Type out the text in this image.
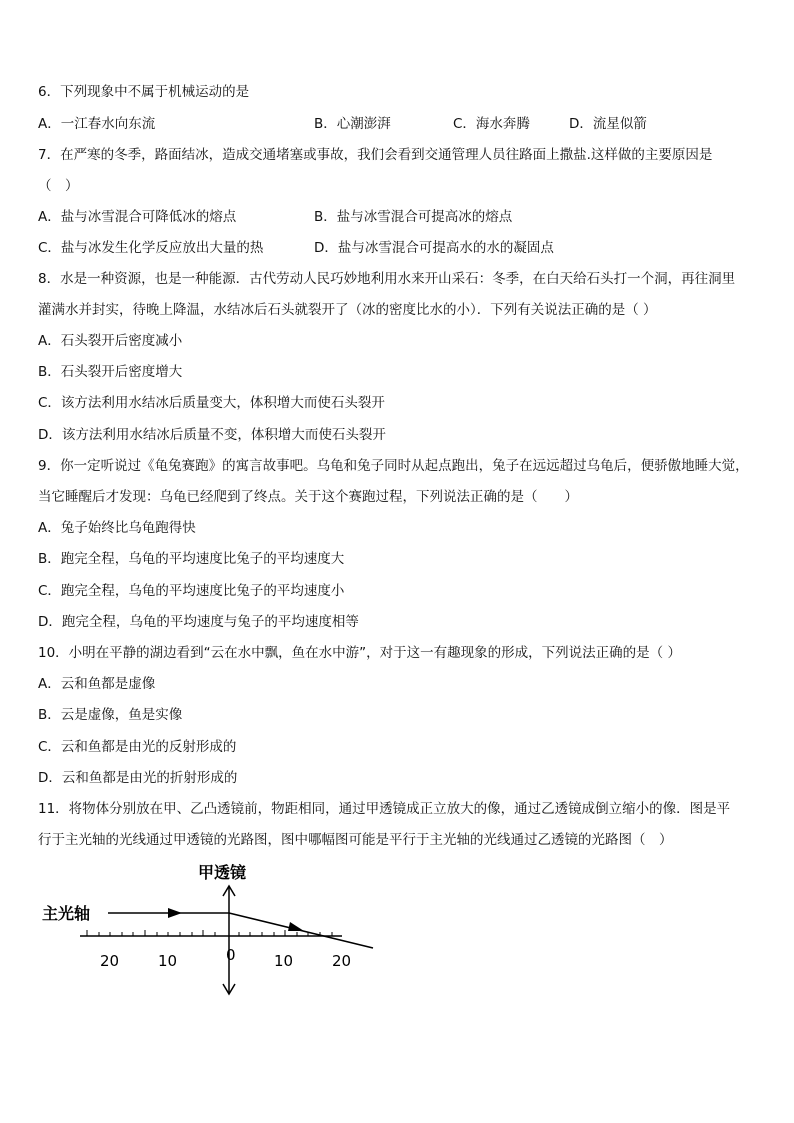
6．下列现象中不属于机械运动的是
A．一江春水向东流	B．心潮澎湃	C．海水奔腾	D．流星似箭
7．在严寒的冬季，路面结冰，造成交通堵塞或事故，我们会看到交通管理人员往路面上撒盐.这样做的主要原因是
（　）
A．盐与冰雪混合可降低冰的熔点	B．盐与冰雪混合可提高冰的熔点
C．盐与冰发生化学反应放出大量的热	D．盐与冰雪混合可提高水的水的凝固点
8．水是一种资源，也是一种能源．古代劳动人民巧妙地利用水来开山采石：冬季，在白天给石头打一个洞，再往洞里
灌满水并封实，待晚上降温，水结冰后石头就裂开了（冰的密度比水的小）．下列有关说法正确的是（ ）
A．石头裂开后密度减小
B．石头裂开后密度增大
C．该方法利用水结冰后质量变大，体积增大而使石头裂开
D．该方法利用水结冰后质量不变，体积增大而使石头裂开
9．你一定听说过《龟兔赛跑》的寓言故事吧。乌龟和兔子同时从起点跑出，兔子在远远超过乌龟后，便骄傲地睡大觉，
当它睡醒后才发现：乌龟已经爬到了终点。关于这个赛跑过程，下列说法正确的是（　　）
A．兔子始终比乌龟跑得快
B．跑完全程，乌龟的平均速度比兔子的平均速度大
C．跑完全程，乌龟的平均速度比兔子的平均速度小
D．跑完全程，乌龟的平均速度与兔子的平均速度相等
10．小明在平静的湖边看到“云在水中飘，鱼在水中游”，对于这一有趣现象的形成，下列说法正确的是（ ）
A．云和鱼都是虚像
B．云是虚像，鱼是实像
C．云和鱼都是由光的反射形成的
D．云和鱼都是由光的折射形成的
11．将物体分别放在甲、乙凸透镜前，物距相同，通过甲透镜成正立放大的像，通过乙透镜成倒立缩小的像．图是平
行于主光轴的光线通过甲透镜的光路图，图中哪幅图可能是平行于主光轴的光线通过乙透镜的光路图（　）
甲透镜
主光轴
20	10	0	10	20
